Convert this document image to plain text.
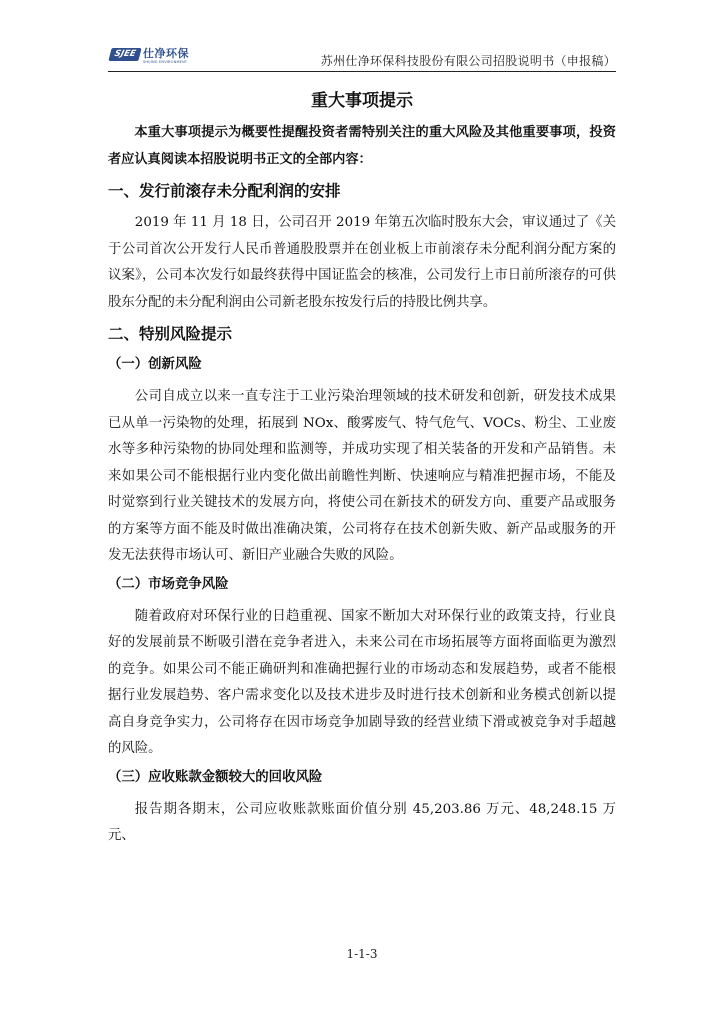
SJEE 仕净环保
SHIJING ENVIRONMENT	苏州仕净环保科技股份有限公司招股说明书（申报稿）
重大事项提示

本重大事项提示为概要性提醒投资者需特别关注的重大风险及其他重要事项，投资者应认真阅读本招股说明书正文的全部内容：

一、发行前滚存未分配利润的安排

2019 年 11 月 18 日，公司召开 2019 年第五次临时股东大会，审议通过了《关于公司首次公开发行人民币普通股股票并在创业板上市前滚存未分配利润分配方案的议案》，公司本次发行如最终获得中国证监会的核准，公司发行上市日前所滚存的可供股东分配的未分配利润由公司新老股东按发行后的持股比例共享。

二、特别风险提示
（一）创新风险

公司自成立以来一直专注于工业污染治理领域的技术研发和创新，研发技术成果已从单一污染物的处理，拓展到 NOx、酸雾废气、特气危气、VOCs、粉尘、工业废水等多种污染物的协同处理和监测等，并成功实现了相关装备的开发和产品销售。未来如果公司不能根据行业内变化做出前瞻性判断、快速响应与精准把握市场，不能及时觉察到行业关键技术的发展方向，将使公司在新技术的研发方向、重要产品或服务的方案等方面不能及时做出准确决策，公司将存在技术创新失败、新产品或服务的开发无法获得市场认可、新旧产业融合失败的风险。

（二）市场竞争风险

随着政府对环保行业的日趋重视、国家不断加大对环保行业的政策支持，行业良好的发展前景不断吸引潜在竞争者进入，未来公司在市场拓展等方面将面临更为激烈的竞争。如果公司不能正确研判和准确把握行业的市场动态和发展趋势，或者不能根据行业发展趋势、客户需求变化以及技术进步及时进行技术创新和业务模式创新以提高自身竞争实力，公司将存在因市场竞争加剧导致的经营业绩下滑或被竞争对手超越的风险。

（三）应收账款金额较大的回收风险

报告期各期末，公司应收账款账面价值分别 45,203.86 万元、48,248.15 万元、

1-1-3
